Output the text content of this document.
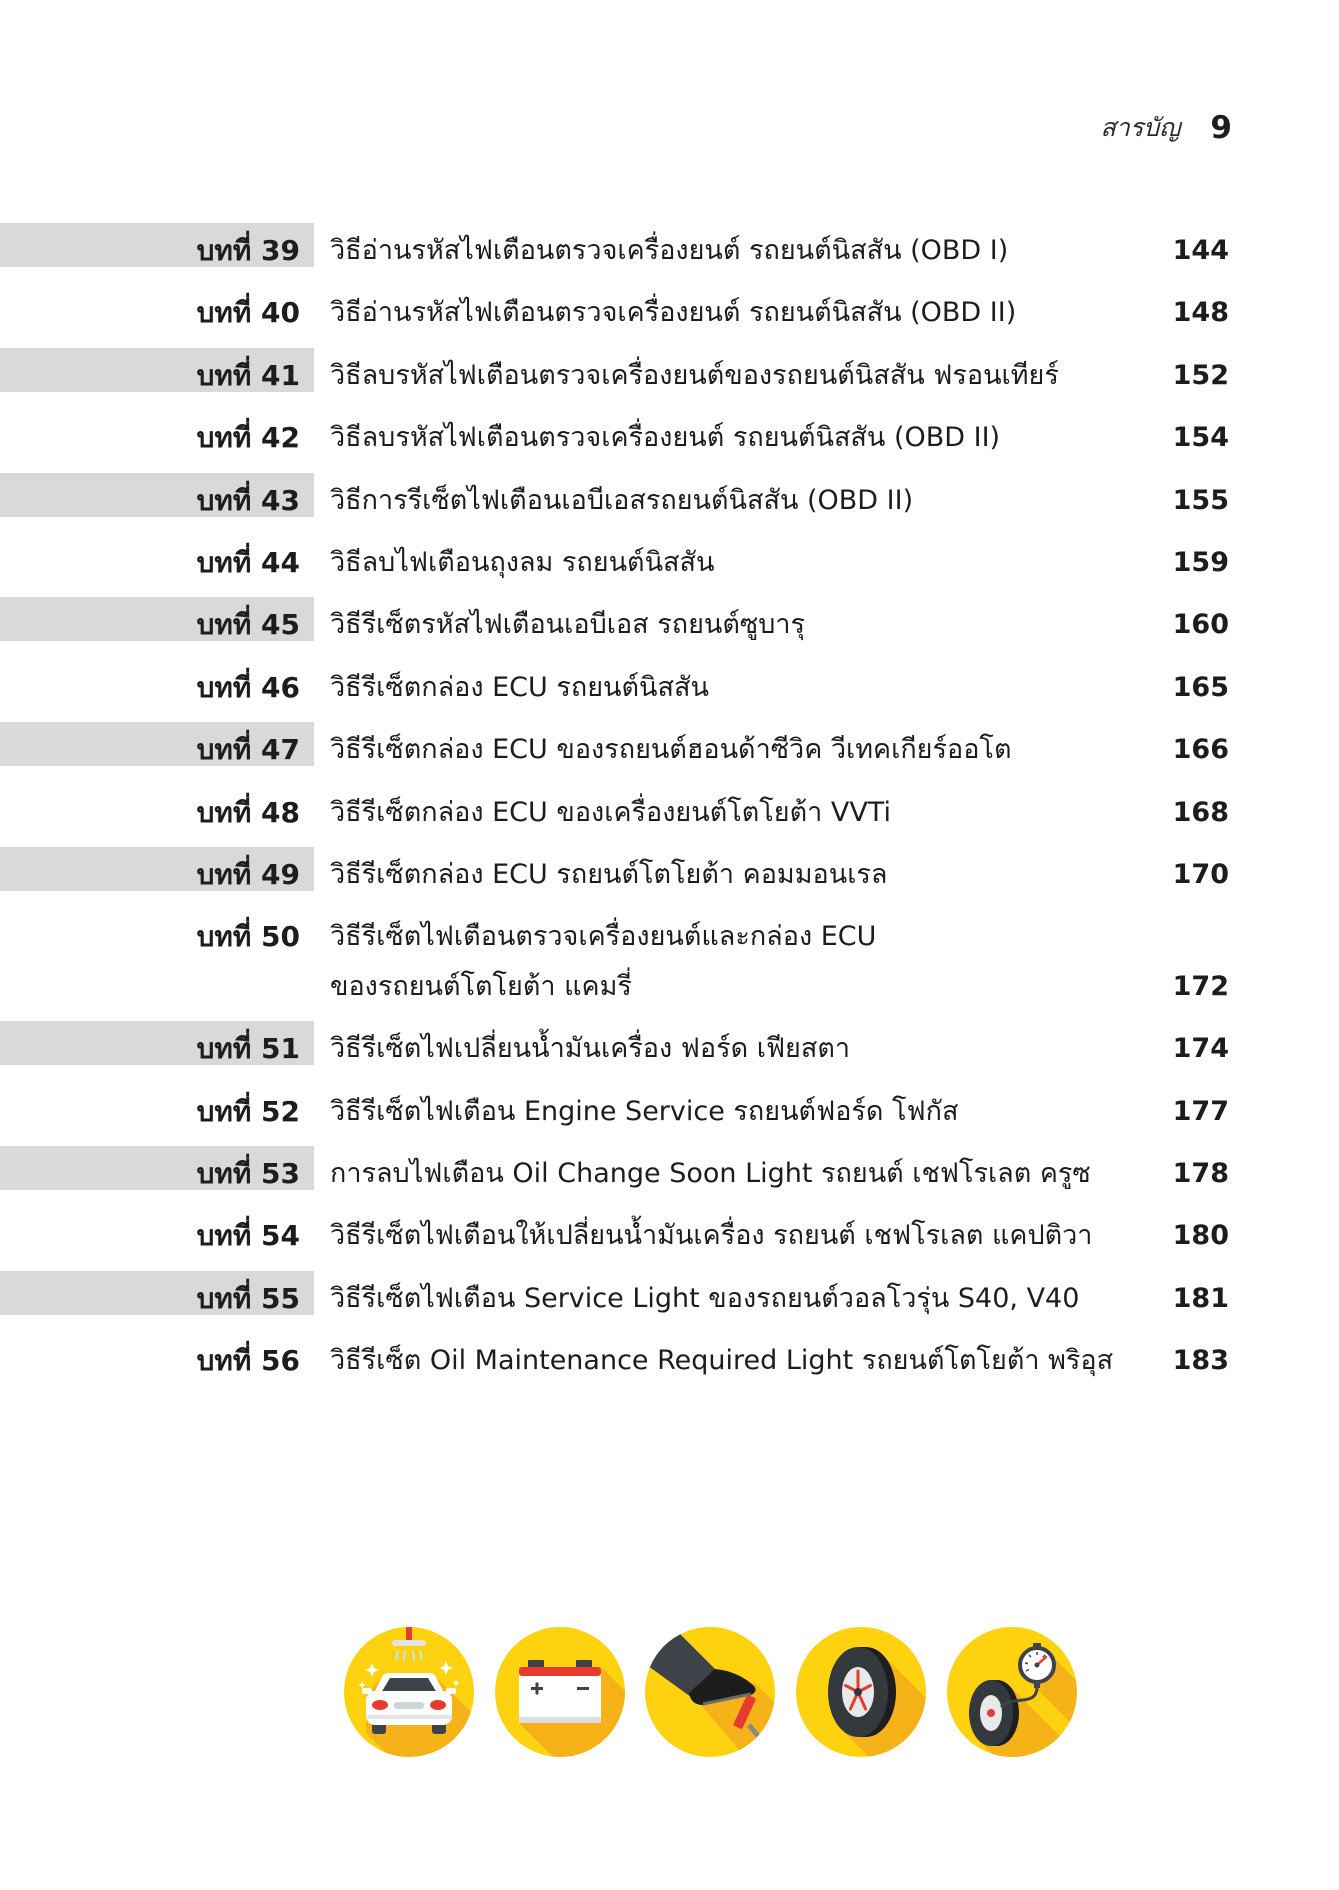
สารบัญ 9
บทที่ 39 วิธีอ่านรหัสไฟเตือนตรวจเครื่องยนต์ รถยนต์นิสสัน (OBD I)	144
บทที่ 40 วิธีอ่านรหัสไฟเตือนตรวจเครื่องยนต์ รถยนต์นิสสัน (OBD II)	148
บทที่ 41 วิธีลบรหัสไฟเตือนตรวจเครื่องยนต์ของรถยนต์นิสสัน ฟรอนเทียร์	152
บทที่ 42 วิธีลบรหัสไฟเตือนตรวจเครื่องยนต์ รถยนต์นิสสัน (OBD II)	154
บทที่ 43 วิธีการรีเซ็ตไฟเตือนเอบีเอสรถยนต์นิสสัน (OBD II)	155
บทที่ 44 วิธีลบไฟเตือนถุงลม รถยนต์นิสสัน	159
บทที่ 45 วิธีรีเซ็ตรหัสไฟเตือนเอบีเอส รถยนต์ซูบารุ	160
บทที่ 46 วิธีรีเซ็ตกล่อง ECU รถยนต์นิสสัน	165
บทที่ 47 วิธีรีเซ็ตกล่อง ECU ของรถยนต์ฮอนด้าซีวิค วีเทคเกียร์ออโต	166
บทที่ 48 วิธีรีเซ็ตกล่อง ECU ของเครื่องยนต์โตโยต้า VVTi	168
บทที่ 49 วิธีรีเซ็ตกล่อง ECU รถยนต์โตโยต้า คอมมอนเรล	170
บทที่ 50 วิธีรีเซ็ตไฟเตือนตรวจเครื่องยนต์และกล่อง ECU
ของรถยนต์โตโยต้า แคมรี่	172
บทที่ 51 วิธีรีเซ็ตไฟเปลี่ยนน้ำมันเครื่อง ฟอร์ด เฟียสตา	174
บทที่ 52 วิธีรีเซ็ตไฟเตือน Engine Service รถยนต์ฟอร์ด โฟกัส	177
บทที่ 53 การลบไฟเตือน Oil Change Soon Light รถยนต์ เชฟโรเลต ครูซ	178
บทที่ 54 วิธีรีเซ็ตไฟเตือนให้เปลี่ยนน้ำมันเครื่อง รถยนต์ เชฟโรเลต แคปติวา	180
บทที่ 55 วิธีรีเซ็ตไฟเตือน Service Light ของรถยนต์วอลโวรุ่น S40, V40	181
บทที่ 56 วิธีรีเซ็ต Oil Maintenance Required Light รถยนต์โตโยต้า พริอุส	183
